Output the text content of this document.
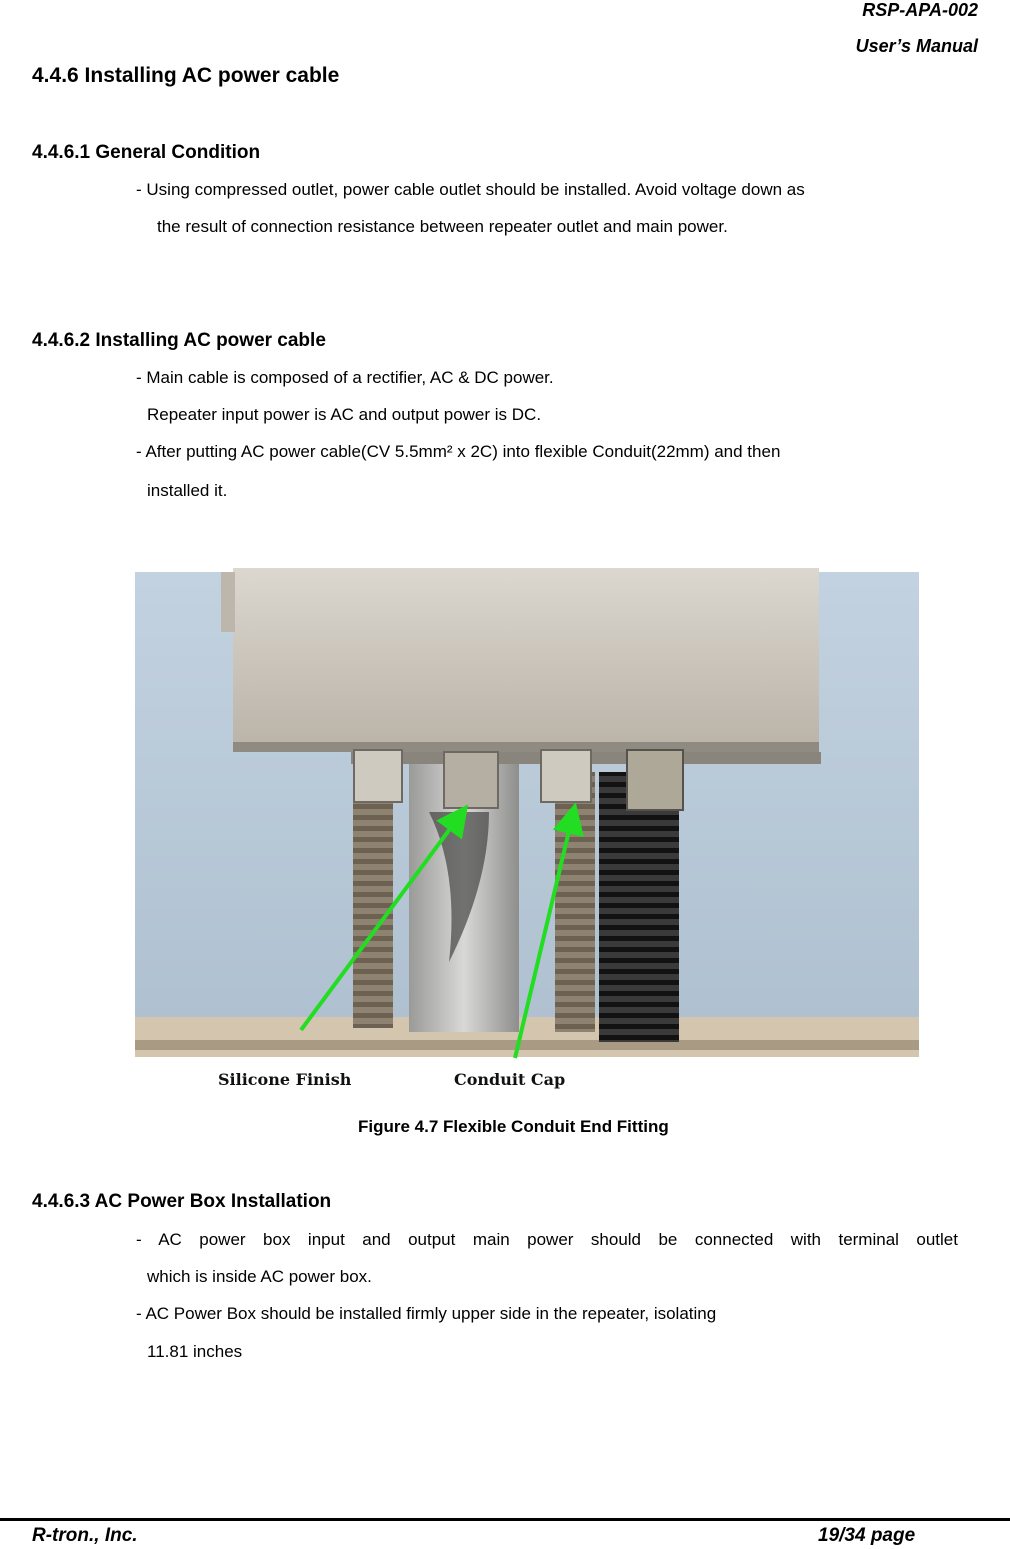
RSP-APA-002
User’s Manual
4.4.6 Installing AC power cable
4.4.6.1 General Condition
- Using compressed outlet, power cable outlet should be installed. Avoid voltage down as
the result of connection resistance between repeater outlet and main power.
4.4.6.2 Installing AC power cable
- Main cable is composed of a rectifier, AC & DC power.
Repeater input power is AC and output power is DC.
- After putting AC power cable(CV 5.5mm² x 2C) into flexible Conduit(22mm) and then
installed it.
Silicone Finish	Conduit Cap
Figure 4.7 Flexible Conduit End Fitting
4.4.6.3 AC Power Box Installation
- AC power box input and output main power should be connected with terminal outlet
which is inside AC power box.
- AC Power Box should be installed firmly upper side in the repeater, isolating
11.81 inches
R-tron., Inc.	19/34 page
